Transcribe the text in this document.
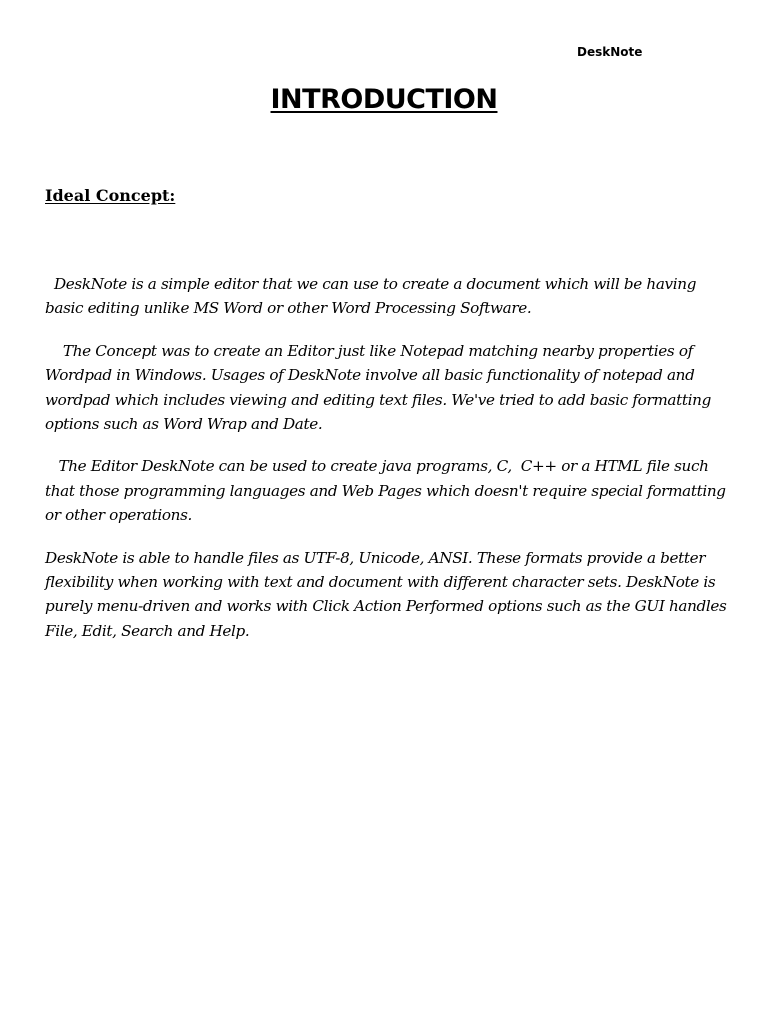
DeskNote
INTRODUCTION
Ideal Concept:

DeskNote is a simple editor that we can use to create a document which will be having basic editing unlike MS Word or other Word Processing Software.

The Concept was to create an Editor just like Notepad matching nearby properties of Wordpad in Windows. Usages of DeskNote involve all basic functionality of notepad and wordpad which includes viewing and editing text files. We've tried to add basic formatting options such as Word Wrap and Date.

The Editor DeskNote can be used to create java programs, C,  C++ or a HTML file such that those programming languages and Web Pages which doesn't require special formatting or other operations.

DeskNote is able to handle files as UTF-8, Unicode, ANSI. These formats provide a better flexibility when working with text and document with different character sets. DeskNote is purely menu-driven and works with Click Action Performed options such as the GUI handles File, Edit, Search and Help.
